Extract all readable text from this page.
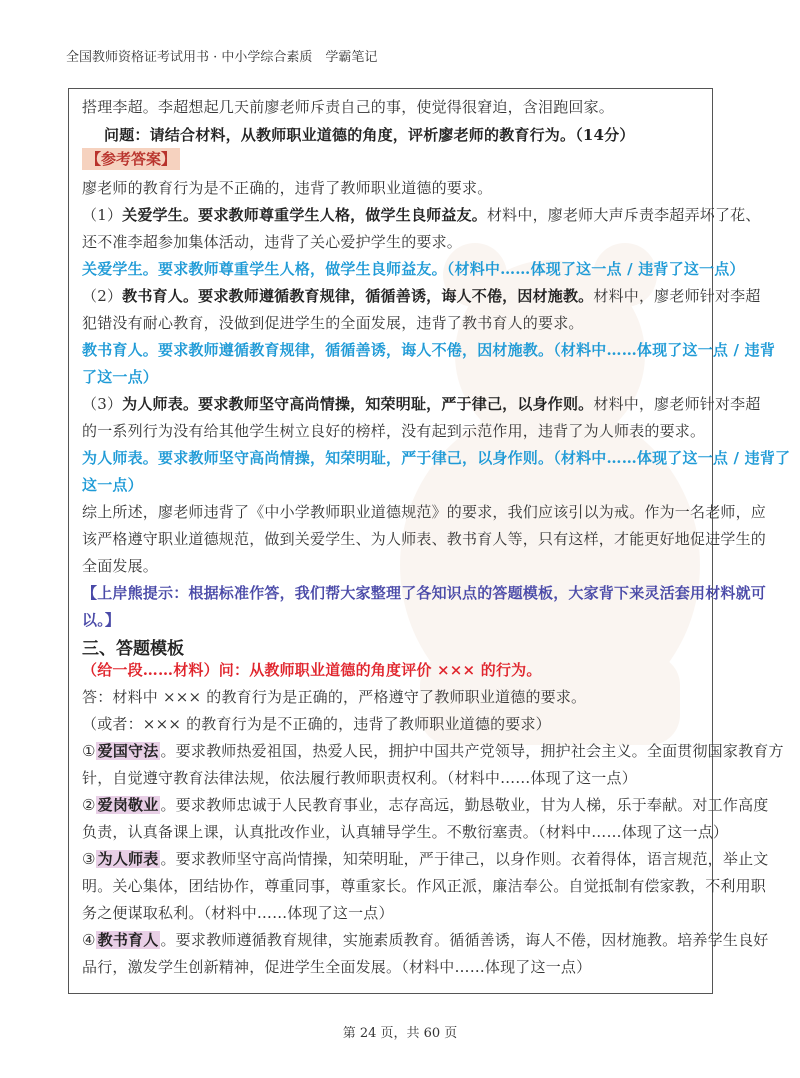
全国教师资格证考试用书 · 中小学综合素质　学霸笔记
搭理李超。李超想起几天前廖老师斥责自己的事，使觉得很窘迫，含泪跑回家。
问题：请结合材料，从教师职业道德的角度，评析廖老师的教育行为。（14分）
【参考答案】
廖老师的教育行为是不正确的，违背了教师职业道德的要求。
（1）关爱学生。要求教师尊重学生人格，做学生良师益友。材料中，廖老师大声斥责李超弄坏了花、
还不准李超参加集体活动，违背了关心爱护学生的要求。
关爱学生。要求教师尊重学生人格，做学生良师益友。（材料中……体现了这一点 / 违背了这一点）
（2）教书育人。要求教师遵循教育规律，循循善诱，诲人不倦，因材施教。材料中，廖老师针对李超
犯错没有耐心教育，没做到促进学生的全面发展，违背了教书育人的要求。
教书育人。要求教师遵循教育规律，循循善诱，诲人不倦，因材施教。（材料中……体现了这一点 / 违背
了这一点）
（3）为人师表。要求教师坚守高尚情操，知荣明耻，严于律己，以身作则。材料中，廖老师针对李超
的一系列行为没有给其他学生树立良好的榜样，没有起到示范作用，违背了为人师表的要求。
为人师表。要求教师坚守高尚情操，知荣明耻，严于律己，以身作则。（材料中……体现了这一点 / 违背了
这一点）
综上所述，廖老师违背了《中小学教师职业道德规范》的要求，我们应该引以为戒。作为一名老师，应
该严格遵守职业道德规范，做到关爱学生、为人师表、教书育人等，只有这样，才能更好地促进学生的
全面发展。
【上岸熊提示：根据标准作答，我们帮大家整理了各知识点的答题模板，大家背下来灵活套用材料就可
以。】
三、答题模板
（给一段……材料）问：从教师职业道德的角度评价 ××× 的行为。
答：材料中 ××× 的教育行为是正确的，严格遵守了教师职业道德的要求。
（或者：××× 的教育行为是不正确的，违背了教师职业道德的要求）
① 爱国守法 。要求教师热爱祖国，热爱人民，拥护中国共产党领导，拥护社会主义。全面贯彻国家教育方
针，自觉遵守教育法律法规，依法履行教师职责权利。（材料中……体现了这一点）
② 爱岗敬业 。要求教师忠诚于人民教育事业，志存高远，勤恳敬业，甘为人梯，乐于奉献。对工作高度
负责，认真备课上课，认真批改作业，认真辅导学生。不敷衍塞责。（材料中……体现了这一点）
③ 为人师表 。要求教师坚守高尚情操，知荣明耻，严于律己，以身作则。衣着得体，语言规范，举止文
明。关心集体，团结协作，尊重同事，尊重家长。作风正派，廉洁奉公。自觉抵制有偿家教，不利用职
务之便谋取私利。（材料中……体现了这一点）
④ 教书育人 。要求教师遵循教育规律，实施素质教育。循循善诱，诲人不倦，因材施教。培养学生良好
品行，激发学生创新精神，促进学生全面发展。（材料中……体现了这一点）
第 24 页，共 60 页
